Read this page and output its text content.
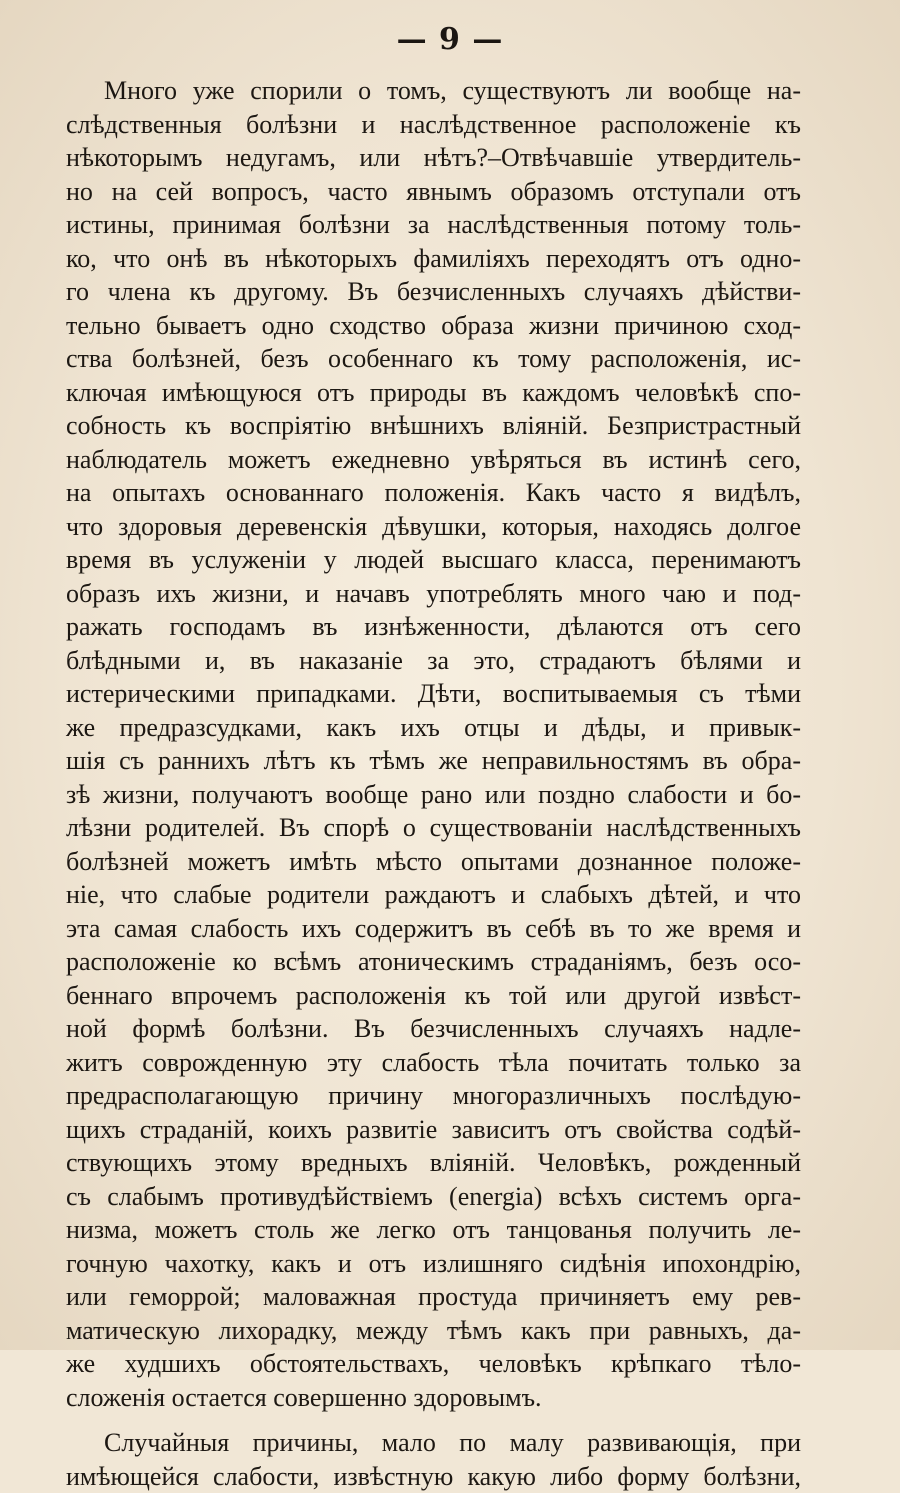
— 9 —
Много уже спорили о томъ, существуютъ ли вообще на-
слѣдственныя болѣзни и наслѣдственное расположеніе къ
нѣкоторымъ недугамъ, или нѣтъ?–Отвѣчавшіе утвердитель-
но на сей вопросъ, часто явнымъ образомъ отступали отъ
истины, принимая болѣзни за наслѣдственныя потому толь-
ко, что онѣ въ нѣкоторыхъ фамиліяхъ переходятъ отъ одно-
го члена къ другому. Въ безчисленныхъ случаяхъ дѣйстви-
тельно бываетъ одно сходство образа жизни причиною сход-
ства болѣзней, безъ особеннаго къ тому расположенія, ис-
ключая имѣющуюся отъ природы въ каждомъ человѣкѣ спо-
собность къ воспріятію внѣшнихъ вліяній. Безпристрастный
наблюдатель можетъ ежедневно увѣряться въ истинѣ сего,
на опытахъ основаннаго положенія. Какъ часто я видѣлъ,
что здоровыя деревенскія дѣвушки, которыя, находясь долгое
время въ услуженіи у людей высшаго класса, перенимаютъ
образъ ихъ жизни, и начавъ употреблять много чаю и под-
ражать господамъ въ изнѣженности, дѣлаются отъ сего
блѣдными и, въ наказаніе за это, страдаютъ бѣлями и
истерическими припадками. Дѣти, воспитываемыя съ тѣми
же предразсудками, какъ ихъ отцы и дѣды, и привык-
шія съ раннихъ лѣтъ къ тѣмъ же неправильностямъ въ обра-
зѣ жизни, получаютъ вообще рано или поздно слабости и бо-
лѣзни родителей. Въ спорѣ о существованіи наслѣдственныхъ
болѣзней можетъ имѣть мѣсто опытами дознанное положе-
ніе, что слабые родители раждаютъ и слабыхъ дѣтей, и что
эта самая слабость ихъ содержитъ въ себѣ въ то же время и
расположеніе ко всѣмъ атоническимъ страданіямъ, безъ осо-
беннаго впрочемъ расположенія къ той или другой извѣст-
ной формѣ болѣзни. Въ безчисленныхъ случаяхъ надле-
житъ соврожденную эту слабость тѣла почитать только за
предрасполагающую причину многоразличныхъ послѣдую-
щихъ страданій, коихъ развитіе зависитъ отъ свойства содѣй-
ствующихъ этому вредныхъ вліяній. Человѣкъ, рожденный
съ слабымъ противудѣйствіемъ (energia) всѣхъ системъ орга-
низма, можетъ столь же легко отъ танцованья получить ле-
гочную чахотку, какъ и отъ излишняго сидѣнія ипохондрію,
или геморрой; маловажная простуда причиняетъ ему рев-
матическую лихорадку, между тѣмъ какъ при равныхъ, да-
же худшихъ обстоятельствахъ, человѣкъ крѣпкаго тѣло-
сложенія остается совершенно здоровымъ.
Случайныя причины, мало по малу развивающія, при
имѣющейся слабости, извѣстную какую либо форму болѣзни,
